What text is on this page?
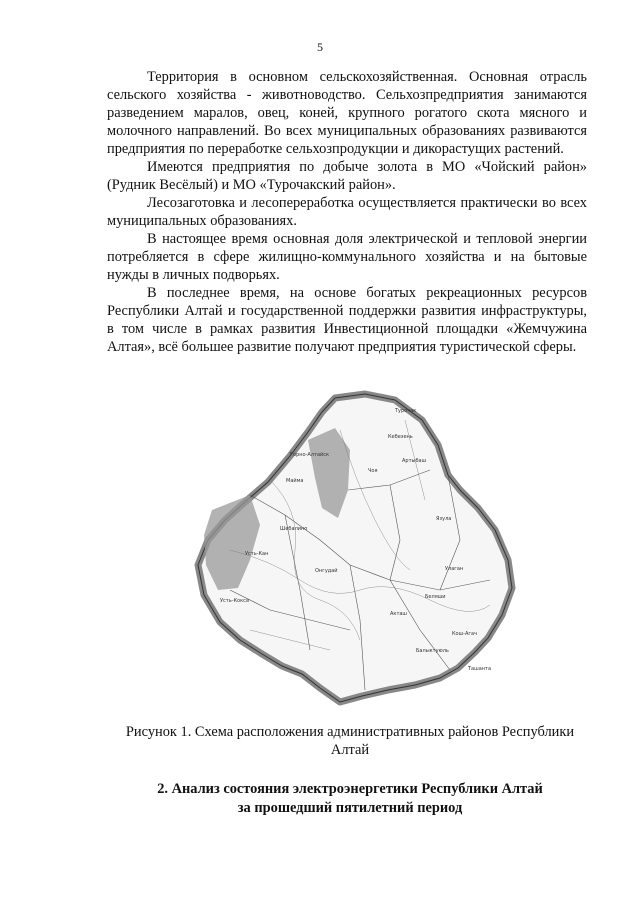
5

Территория в основном сельскохозяйственная. Основная отрасль сельского хозяйства - животноводство. Сельхозпредприятия занимаются разведением маралов, овец, коней, крупного рогатого скота мясного и молочного направлений. Во всех муниципальных образованиях развиваются предприятия по переработке сельхозпродукции и дикорастущих растений.

Имеются предприятия по добыче золота в МО «Чойский район» (Рудник Весёлый) и МО «Турочакский район».

Лесозаготовка и лесопереработка осуществляется практически во всех муниципальных образованиях.

В настоящее время основная доля электрической и тепловой энергии потребляется в сфере жилищно-коммунального хозяйства и на бытовые нужды в личных подворьях.

В последнее время, на основе богатых рекреационных ресурсов Республики Алтай и государственной поддержки развития инфраструктуры, в том числе в рамках развития Инвестиционной площадки «Жемчужина Алтая», всё большее развитие получают предприятия туристической сферы.

Турочак
Кебезень
Артыбаш
Чоя
Горно-Алтайск
Майма
Шебалино
Усть-Кан
Онгудай	Улаган
Кош-Агач
Акташ
Усть-Кокса
Язула
Балыктуюль
Беляши
Ташанта
Рисунок 1. Схема расположения административных районов Республики
Алтай
2. Анализ состояния электроэнергетики Республики Алтай
за прошедший пятилетний период
